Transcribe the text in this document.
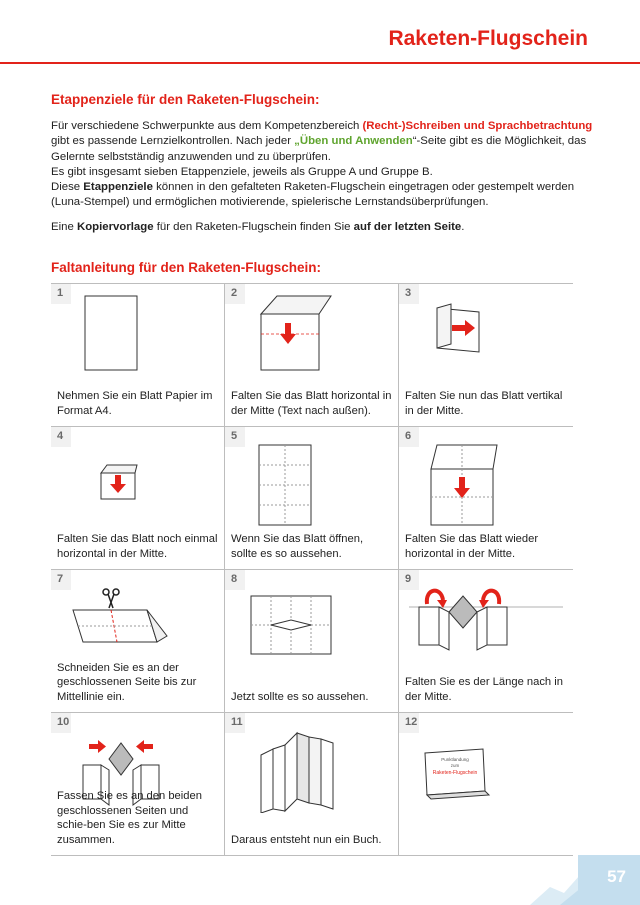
Raketen-Flugschein
Etappenziele für den Raketen-Flugschein:

Für verschiedene Schwerpunkte aus dem Kompetenzbereich (Recht-)Schreiben und Sprachbetrachtung

gibt es passende Lernzielkontrollen. Nach jeder „Üben und Anwenden“-Seite gibt es die Möglichkeit, das

Gelernte selbstständig anzuwenden und zu überprüfen.

Es gibt insgesamt sieben Etappenziele, jeweils als Gruppe A und Gruppe B.

Diese Etappenziele können in den gefalteten Raketen-Flugschein eingetragen oder gestempelt werden

(Luna-Stempel) und ermöglichen motivierende, spielerische Lernstandsüberprüfungen.

Eine Kopiervorlage für den Raketen-Flugschein finden Sie auf der letzten Seite.
Faltanleitung für den Raketen-Flugschein:
1
Nehmen Sie ein Blatt Papier im Format A4.
2
Falten Sie das Blatt horizontal in der Mitte (Text nach außen).
3
Falten Sie nun das Blatt vertikal in der Mitte.
4
Falten Sie das Blatt noch einmal horizontal in der Mitte.
5
Wenn Sie das Blatt öffnen, sollte es so aussehen.
6
Falten Sie das Blatt wieder horizontal in der Mitte.
7
Schneiden Sie es an der geschlossenen Seite bis zur Mittellinie ein.
8
Jetzt sollte es so aussehen.
9
Falten Sie es der Länge nach in der Mitte.
10
Fassen Sie es an den beiden geschlossenen Seiten und schie-ben Sie es zur Mitte zusammen.
11
Daraus entsteht nun ein Buch.
12
Punktlandung
zum
Raketen-Flugschein
57
